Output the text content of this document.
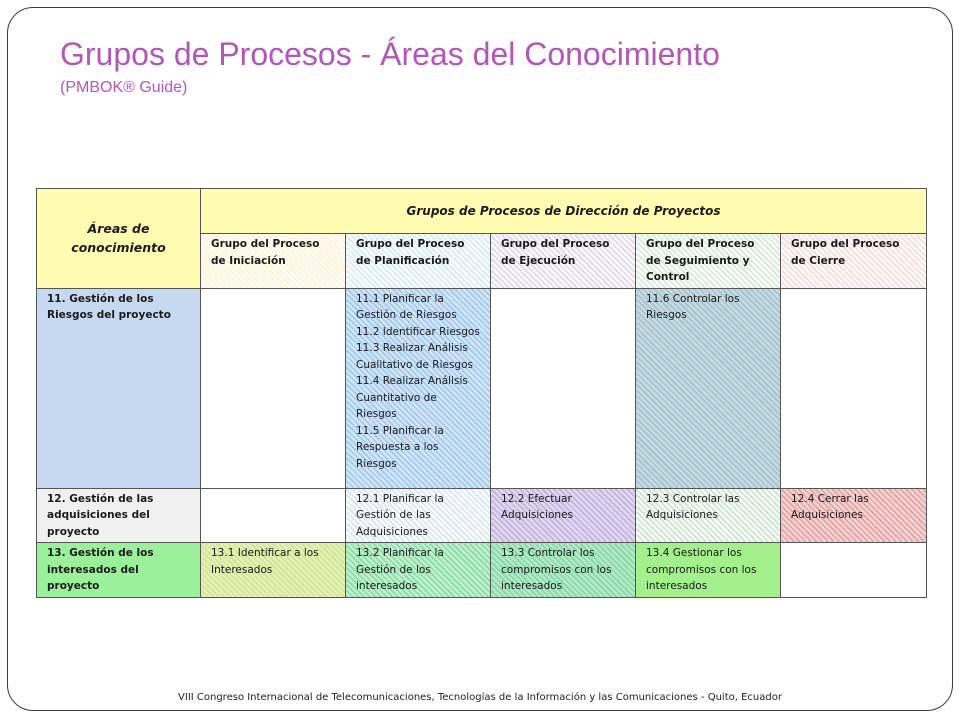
Grupos de Procesos - Áreas del Conocimiento
(PMBOK® Guide)
Áreas de conocimiento	Grupos de Procesos de Dirección de Proyectos				
	Grupo del Proceso de Iniciación	Grupo del Proceso de Planificación	Grupo del Proceso de Ejecución	Grupo del Proceso de Seguimiento y Control	Grupo del Proceso de Cierre
11. Gestión de los Riesgos del proyecto		11.1 Planificar la Gestión de Riesgos
11.2 Identificar Riesgos
11.3 Realizar Análisis Cualitativo de Riesgos
11.4 Realizar Análisis Cuantitativo de Riesgos
11.5 Planificar la Respuesta a los Riesgos		11.6 Controlar los Riesgos	
12. Gestión de las adquisiciones del proyecto		12.1 Planificar la Gestión de las Adquisiciones	12.2 Efectuar Adquisiciones	12.3 Controlar las Adquisiciones	12.4 Cerrar las Adquisiciones
13. Gestión de los interesados del proyecto	13.1 Identificar a los Interesados	13.2 Planificar la Gestión de los interesados	13.3 Controlar los compromisos con los interesados	13.4 Gestionar los compromisos con los interesados	
VIII Congreso Internacional de Telecomunicaciones, Tecnologías de la Información y las Comunicaciones - Quito, Ecuador
